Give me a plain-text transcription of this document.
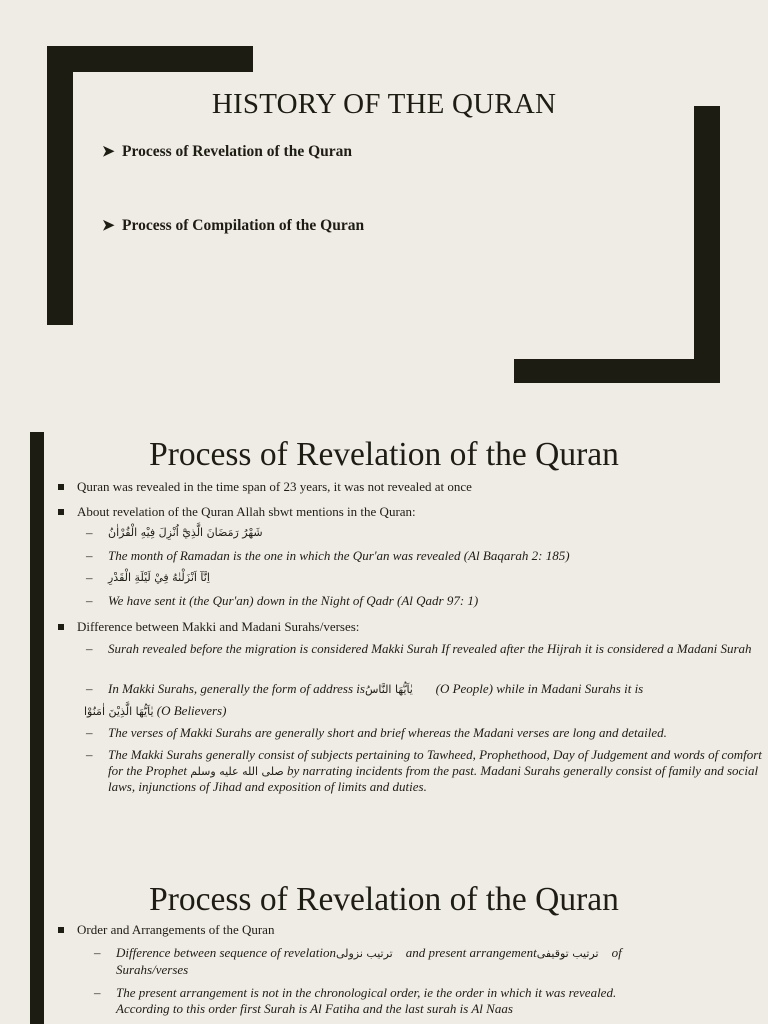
HISTORY OF THE QURAN
➤ Process of Revelation of the Quran
➤ Process of Compilation of the Quran
Process of Revelation of the Quran
Quran was revealed in the time span of 23 years, it was not revealed at once
About revelation of the Quran Allah sbwt mentions in the Quran:
– شَهْرُ رَمَضَانَ الَّذِيْٓ اُنْزِلَ فِيْهِ الْقُرْاٰنُ
– The month of Ramadan is the one in which the Qur'an was revealed (Al Baqarah 2: 185)
– اِنَّآ اَنْزَلْنٰهُ فِيْ لَيْلَةِ الْقَدْرِ
– We have sent it (the Qur'an) down in the Night of Qadr (Al Qadr 97: 1)
Difference between Makki and Madani Surahs/verses:
– Surah revealed before the migration is considered Makki Surah If revealed after the Hijrah it is considered a Madani Surah
– In Makki Surahs, generally the form of address isيٰاَيُّهَا النَّاسُ (O People) while in Madani Surahs it is
يٰاَيُّهَا الَّذِيْنَ اٰمَنُوْا (O Believers)
– The verses of Makki Surahs are generally short and brief whereas the Madani verses are long and detailed.
– The Makki Surahs generally consist of subjects pertaining to Tawheed, Prophethood, Day of Judgement and words of comfort for the Prophet صلى الله عليه وسلم by narrating incidents from the past. Madani Surahs generally consist of family and social laws, injunctions of Jihad and exposition of limits and duties.
Process of Revelation of the Quran
Order and Arrangements of the Quran
– Difference between sequence of revelationترتيب نزولى and present arrangementترتيب توقيفى of
Surahs/verses
– The present arrangement is not in the chronological order, ie the order in which it was revealed.
According to this order first Surah is Al Fatiha and the last surah is Al Naas
